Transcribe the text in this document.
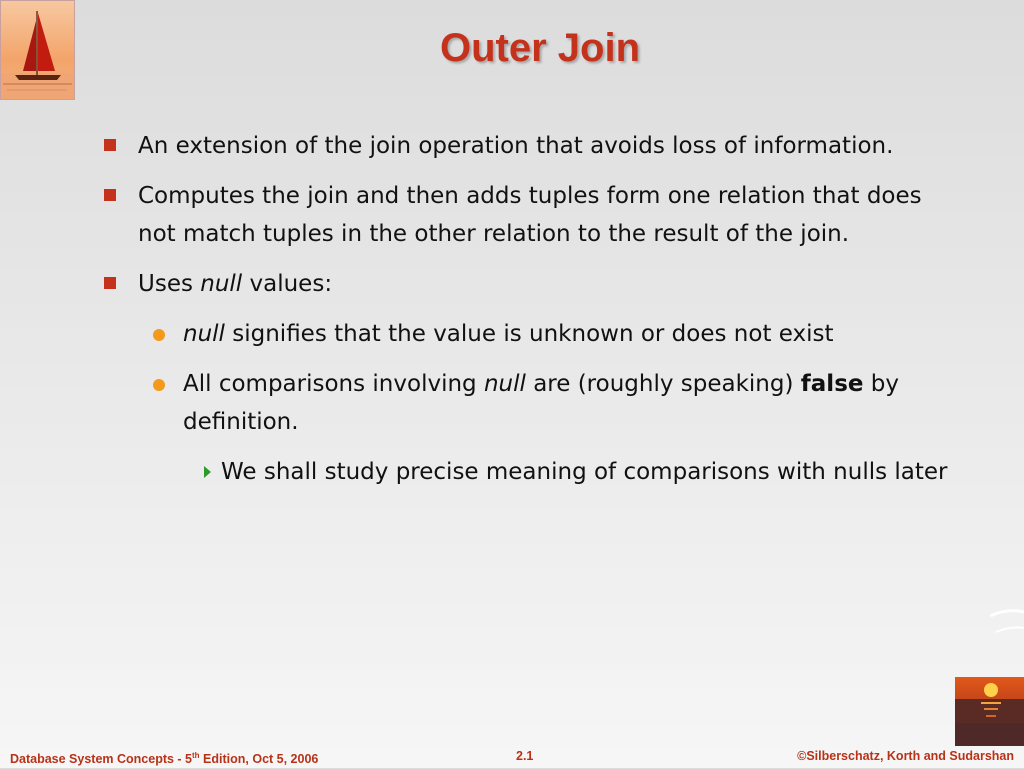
Outer Join
An extension of the join operation that avoids loss of information.
Computes the join and then adds tuples form one relation that does not match tuples in the other relation to the result of the join.
Uses null values:
null signifies that the value is unknown or does not exist
All comparisons involving null are (roughly speaking) false by definition.
We shall study precise meaning of comparisons with nulls later
Database System Concepts - 5th Edition, Oct 5, 2006	2.1	©Silberschatz, Korth and Sudarshan
